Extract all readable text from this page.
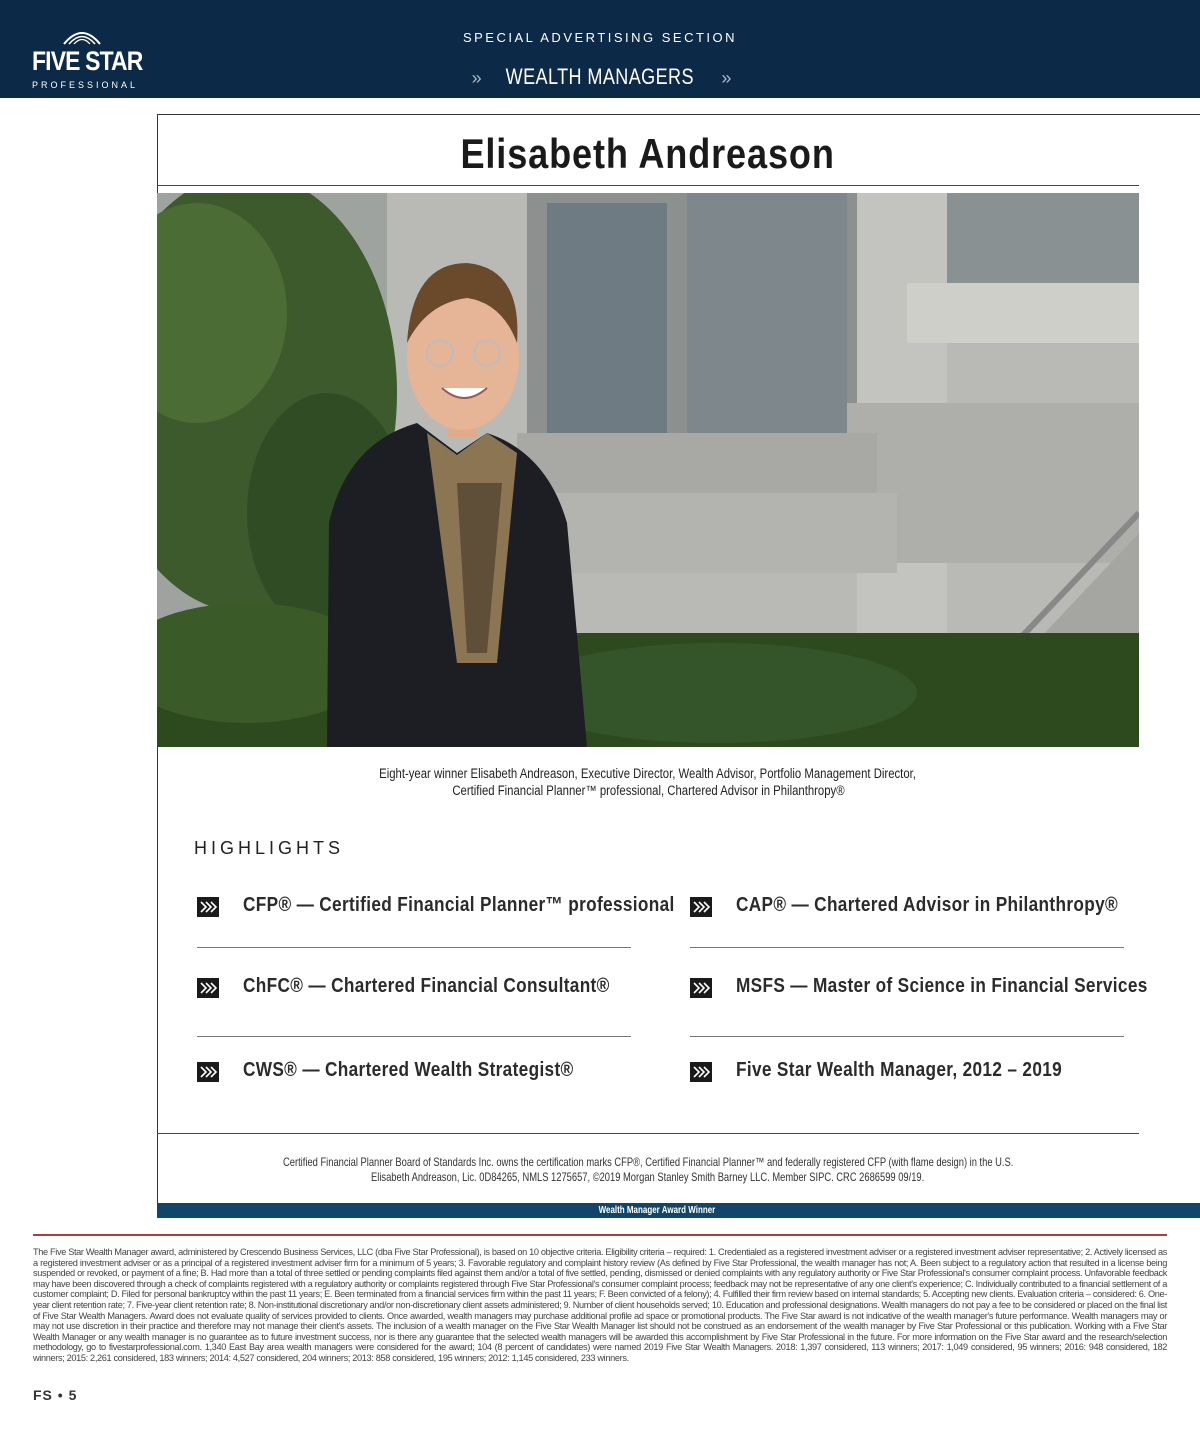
FIVE STAR
PROFESSIONAL
SPECIAL ADVERTISING SECTION
» WEALTH MANAGERS »
Elisabeth Andreason
Eight-year winner Elisabeth Andreason, Executive Director, Wealth Advisor, Portfolio Management Director,
Certified Financial Planner™ professional, Chartered Advisor in Philanthropy®
HIGHLIGHTS
CFP® — Certified Financial Planner™ professional	CAP® — Chartered Advisor in Philanthropy®
ChFC® — Chartered Financial Consultant®	MSFS — Master of Science in Financial Services
CWS® — Chartered Wealth Strategist®	Five Star Wealth Manager, 2012 – 2019
Certified Financial Planner Board of Standards Inc. owns the certification marks CFP®, Certified Financial Planner™ and federally registered CFP (with flame design) in the U.S.
Elisabeth Andreason, Lic. 0D84265, NMLS 1275657, ©2019 Morgan Stanley Smith Barney LLC. Member SIPC. CRC 2686599 09/19.
Wealth Manager Award Winner
The Five Star Wealth Manager award, administered by Crescendo Business Services, LLC (dba Five Star Professional), is based on 10 objective criteria. Eligibility criteria – required: 1. Credentialed as a registered investment adviser or a registered investment adviser representative; 2. Actively licensed as a registered investment adviser or as a principal of a registered investment adviser firm for a minimum of 5 years; 3. Favorable regulatory and complaint history review (As defined by Five Star Professional, the wealth manager has not; A. Been subject to a regulatory action that resulted in a license being suspended or revoked, or payment of a fine; B. Had more than a total of three settled or pending complaints filed against them and/or a total of five settled, pending, dismissed or denied complaints with any regulatory authority or Five Star Professional's consumer complaint process. Unfavorable feedback may have been discovered through a check of complaints registered with a regulatory authority or complaints registered through Five Star Professional's consumer complaint process; feedback may not be representative of any one client's experience; C. Individually contributed to a financial settlement of a customer complaint; D. Filed for personal bankruptcy within the past 11 years; E. Been terminated from a financial services firm within the past 11 years; F. Been convicted of a felony); 4. Fulfilled their firm review based on internal standards; 5. Accepting new clients. Evaluation criteria – considered: 6. One-year client retention rate; 7. Five-year client retention rate; 8. Non-institutional discretionary and/or non-discretionary client assets administered; 9. Number of client households served; 10. Education and professional designations. Wealth managers do not pay a fee to be considered or placed on the final list of Five Star Wealth Managers. Award does not evaluate quality of services provided to clients. Once awarded, wealth managers may purchase additional profile ad space or promotional products. The Five Star award is not indicative of the wealth manager's future performance. Wealth managers may or may not use discretion in their practice and therefore may not manage their client's assets. The inclusion of a wealth manager on the Five Star Wealth Manager list should not be construed as an endorsement of the wealth manager by Five Star Professional or this publication. Working with a Five Star Wealth Manager or any wealth manager is no guarantee as to future investment success, nor is there any guarantee that the selected wealth managers will be awarded this accomplishment by Five Star Professional in the future. For more information on the Five Star award and the research/selection methodology, go to fivestarprofessional.com. 1,340 East Bay area wealth managers were considered for the award; 104 (8 percent of candidates) were named 2019 Five Star Wealth Managers. 2018: 1,397 considered, 113 winners; 2017: 1,049 considered, 95 winners; 2016: 948 considered, 182 winners; 2015: 2,261 considered, 183 winners; 2014: 4,527 considered, 204 winners; 2013: 858 considered, 195 winners; 2012: 1,145 considered, 233 winners.
FS • 5
